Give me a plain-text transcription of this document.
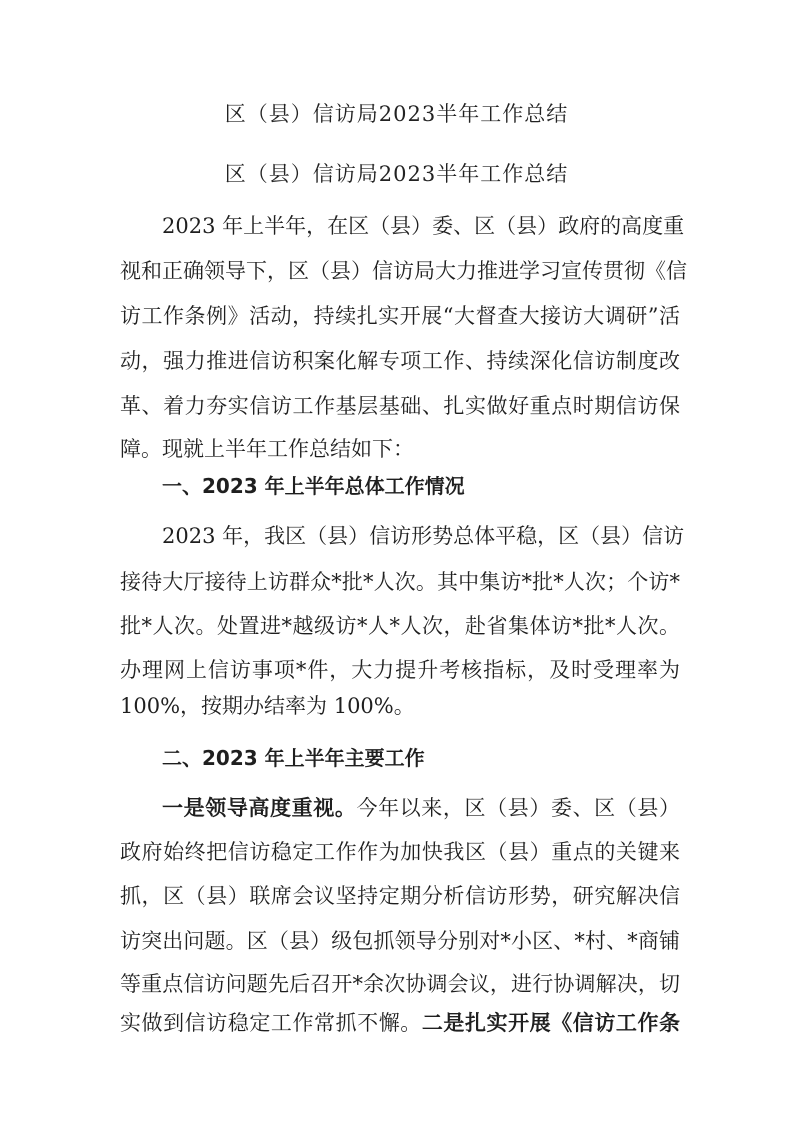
区（县）信访局2023半年工作总结
区（县）信访局2023半年工作总结
2023 年上半年，在区（县）委、区（县）政府的高度重
视和正确领导下，区（县）信访局大力推进学习宣传贯彻《信
访工作条例》活动，持续扎实开展“大督查大接访大调研”活
动，强力推进信访积案化解专项工作、持续深化信访制度改
革、着力夯实信访工作基层基础、扎实做好重点时期信访保
障。现就上半年工作总结如下：
一、2023 年上半年总体工作情况
2023 年，我区（县）信访形势总体平稳，区（县）信访
接待大厅接待上访群众*批*人次。其中集访*批*人次；个访*
批*人次。处置进*越级访*人*人次，赴省集体访*批*人次。
办理网上信访事项*件，大力提升考核指标，及时受理率为
100%，按期办结率为 100%。
二、2023 年上半年主要工作
一是领导高度重视。今年以来，区（县）委、区（县）
政府始终把信访稳定工作作为加快我区（县）重点的关键来
抓，区（县）联席会议坚持定期分析信访形势，研究解决信
访突出问题。区（县）级包抓领导分别对*小区、*村、*商铺
等重点信访问题先后召开*余次协调会议，进行协调解决，切
实做到信访稳定工作常抓不懈。二是扎实开展《信访工作条
